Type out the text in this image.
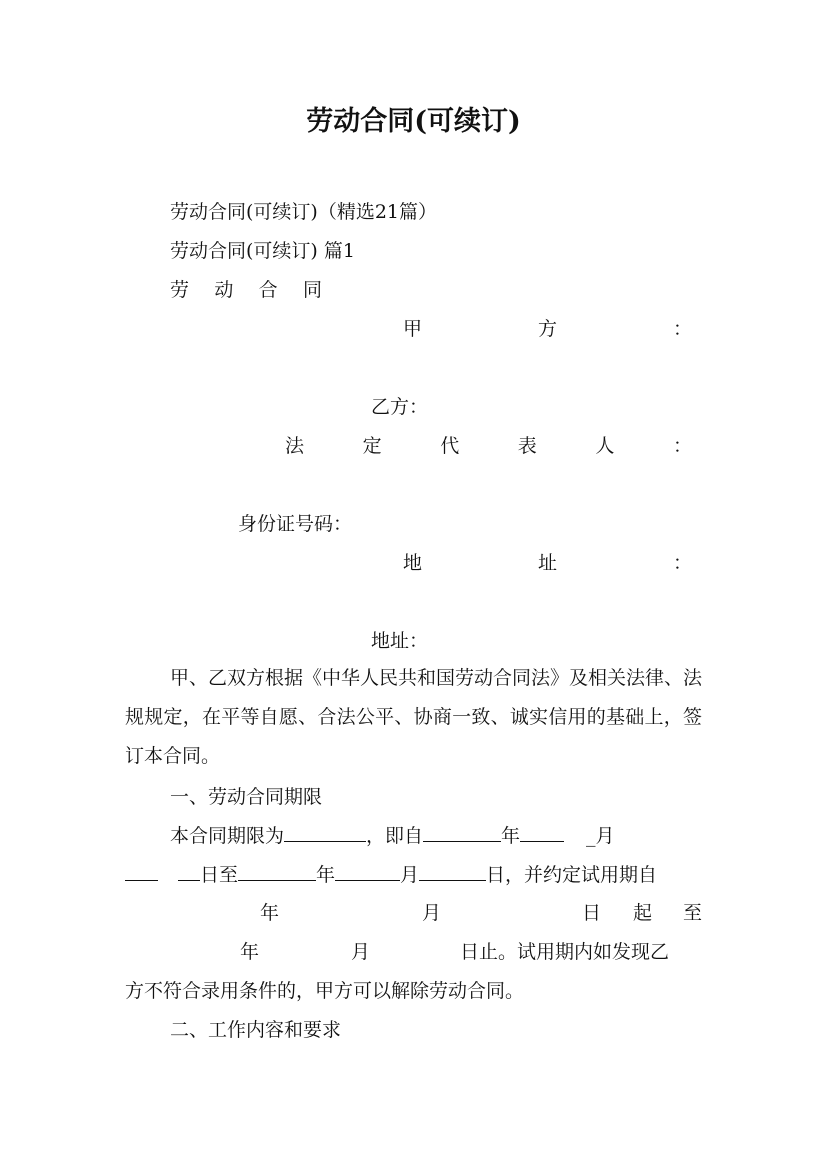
劳动合同(可续订)
劳动合同(可续订)（精选21篇）
劳动合同(可续订) 篇1
劳 动 合 同
甲	方	：
乙方：
法	定	代	表	人	：
身份证号码：
地	址	：
地址：
甲、乙双方根据《中华人民共和国劳动合同法》及相关法律、法规规定，在平等自愿、合法公平、协商一致、诚实信用的基础上，签订本合同。
一、劳动合同期限
本合同期限为	，即自	年	_月
日至	年	月	日，并约定试用期自
年	月	日 起 至
年	月	日止。试用期内如发现乙
方不符合录用条件的，甲方可以解除劳动合同。
二、工作内容和要求
